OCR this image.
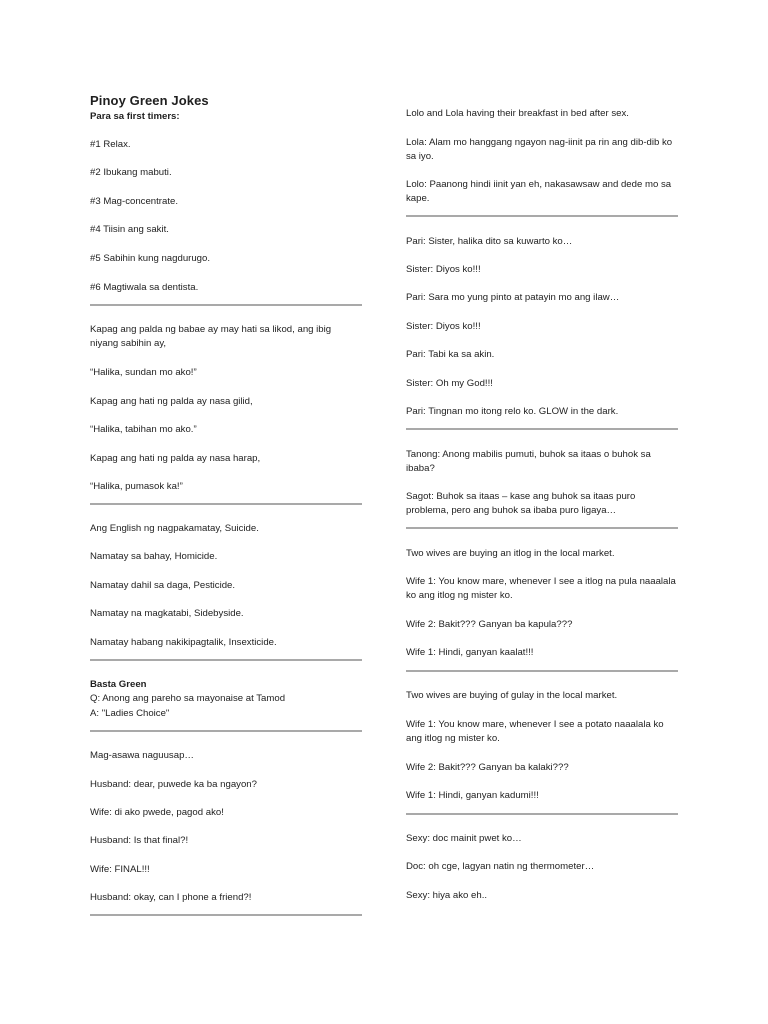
Pinoy Green Jokes

Para sa first timers:

#1 Relax.

#2 Ibukang mabuti.

#3 Mag-concentrate.

#4 Tiisin ang sakit.

#5 Sabihin kung nagdurugo.

#6 Magtiwala sa dentista.

Kapag ang palda ng babae ay may hati sa likod, ang ibig niyang sabihin ay,

“Halika, sundan mo ako!”

Kapag ang hati ng palda ay nasa gilid,

“Halika, tabihan mo ako.”

Kapag ang hati ng palda ay nasa harap,

“Halika, pumasok ka!”

Ang English ng nagpakamatay, Suicide.

Namatay sa bahay, Homicide.

Namatay dahil sa daga, Pesticide.

Namatay na magkatabi, Sidebyside.

Namatay habang nakikipagtalik, Insexticide.

Basta Green

Q: Anong ang pareho sa mayonaise at Tamod

A: "Ladies Choice"

Mag-asawa naguusap…

Husband: dear, puwede ka ba ngayon?

Wife: di ako pwede, pagod ako!

Husband: Is that final?!

Wife: FINAL!!!

Husband: okay, can I phone a friend?!

Lolo and Lola having their breakfast in bed after sex.

Lola: Alam mo hanggang ngayon nag-iinit pa rin ang dib-dib ko sa iyo.

Lolo: Paanong hindi iinit yan eh, nakasawsaw and dede mo sa kape.

Pari: Sister, halika dito sa kuwarto ko…

Sister: Diyos ko!!!

Pari: Sara mo yung pinto at patayin mo ang ilaw…

Sister: Diyos ko!!!

Pari: Tabi ka sa akin.

Sister: Oh my God!!!

Pari: Tingnan mo itong relo ko. GLOW in the dark.

Tanong: Anong mabilis pumuti, buhok sa itaas o buhok sa ibaba?

Sagot: Buhok sa itaas – kase ang buhok sa itaas puro problema, pero ang buhok sa ibaba puro ligaya…

Two wives are buying an itlog in the local market.

Wife 1: You know mare, whenever I see a itlog na pula naaalala ko ang itlog ng mister ko.

Wife 2: Bakit??? Ganyan ba kapula???

Wife 1: Hindi, ganyan kaalat!!!

Two wives are buying of gulay in the local market.

Wife 1: You know mare, whenever I see a potato naaalala ko ang itlog ng mister ko.

Wife 2: Bakit??? Ganyan ba kalaki???

Wife 1: Hindi, ganyan kadumi!!!

Sexy: doc mainit pwet ko…

Doc: oh cge, lagyan natin ng thermometer…

Sexy: hiya ako eh..
